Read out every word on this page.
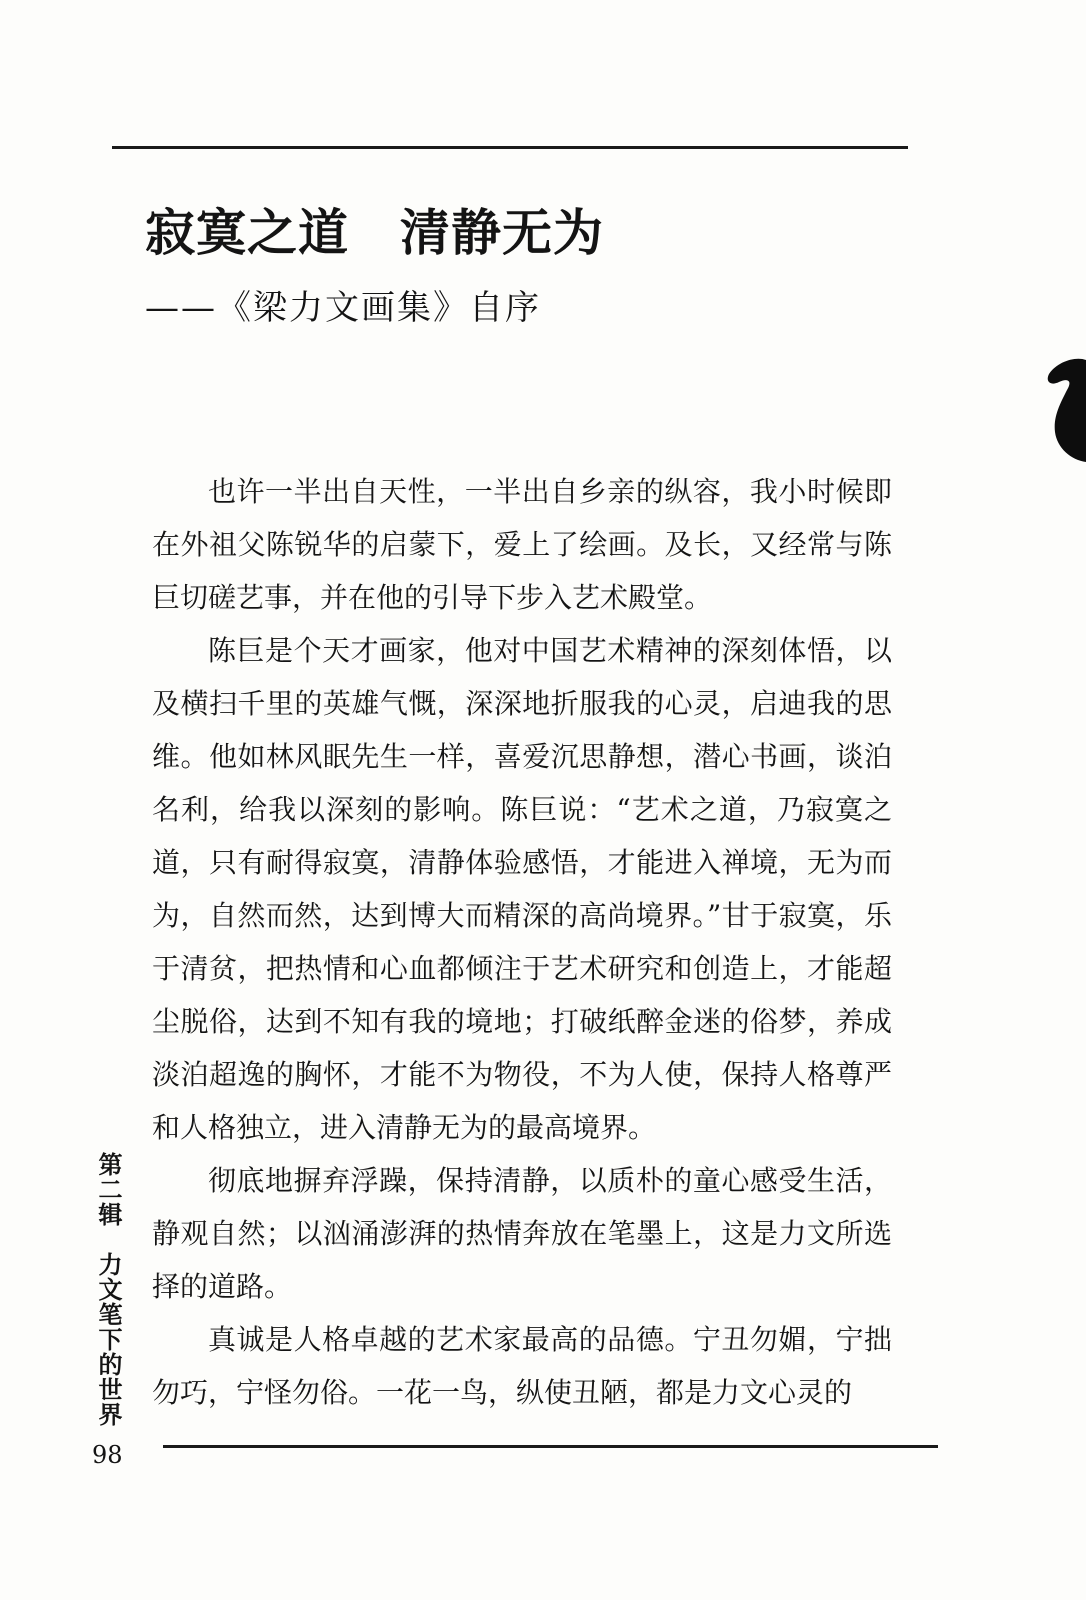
寂寞之道　清静无为
——《梁力文画集》自序

也许一半出自天性，一半出自乡亲的纵容，我小时候即在外祖父陈锐华的启蒙下，爱上了绘画。及长，又经常与陈巨切磋艺事，并在他的引导下步入艺术殿堂。

陈巨是个天才画家，他对中国艺术精神的深刻体悟，以及横扫千里的英雄气慨，深深地折服我的心灵，启迪我的思维。他如林风眠先生一样，喜爱沉思静想，潜心书画，谈泊名利，给我以深刻的影响。陈巨说：“艺术之道，乃寂寞之道，只有耐得寂寞，清静体验感悟，才能进入禅境，无为而为，自然而然，达到博大而精深的高尚境界。”甘于寂寞，乐于清贫，把热情和心血都倾注于艺术研究和创造上，才能超尘脱俗，达到不知有我的境地；打破纸醉金迷的俗梦，养成淡泊超逸的胸怀，才能不为物役，不为人使，保持人格尊严和人格独立，进入清静无为的最高境界。

彻底地摒弃浮躁，保持清静，以质朴的童心感受生活，静观自然；以汹涌澎湃的热情奔放在笔墨上，这是力文所选择的道路。

真诚是人格卓越的艺术家最高的品德。宁丑勿媚，宁拙勿巧，宁怪勿俗。一花一鸟，纵使丑陋，都是力文心灵的

第二辑　力文笔下的世界
98
